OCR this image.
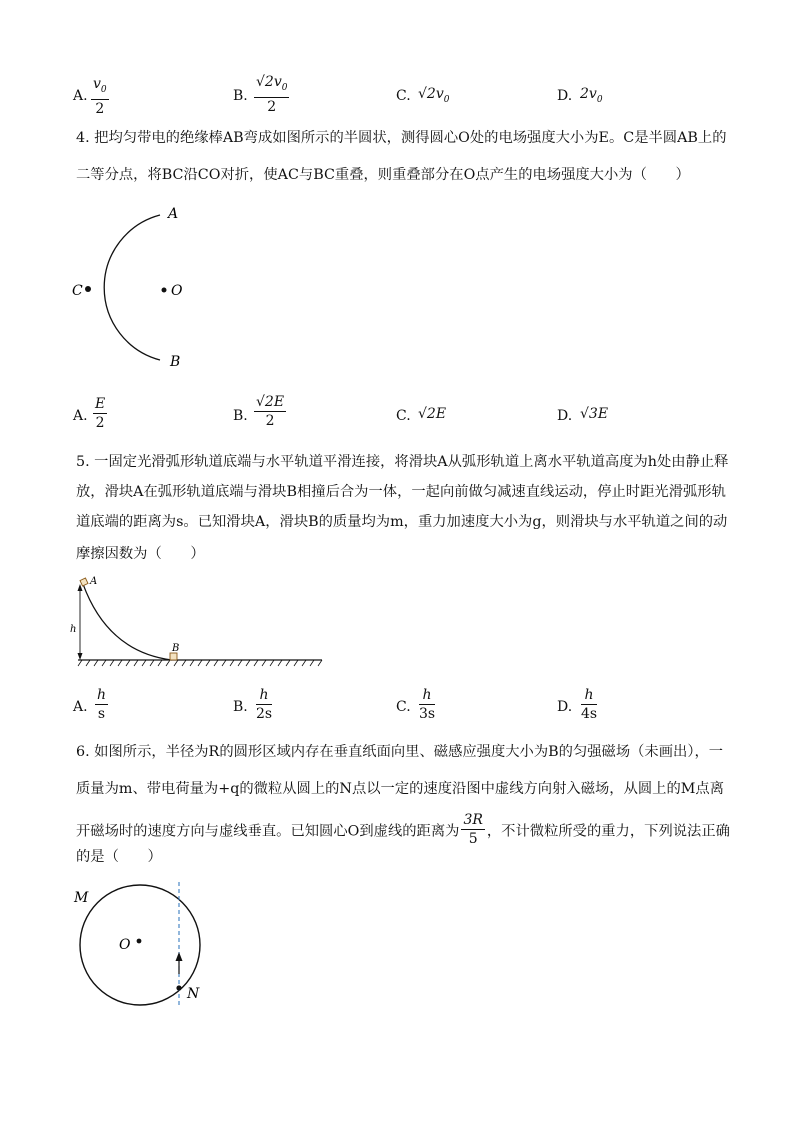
A.
$v_0$
2
B.
$√2v_0$
2
C. $√2v_0$	D. $2v_0$
4. 把均匀带电的绝缘棒AB弯成如图所示的半圆状，测得圆心O处的电场强度大小为E。C是半圆AB上的
二等分点，将BC沿CO对折，使AC与BC重叠，则重叠部分在O点产生的电场强度大小为（　　）
A
C	O
B
A.
E
2	B.
√2E
2	C. √2E	D. √3E
5. 一固定光滑弧形轨道底端与水平轨道平滑连接，将滑块A从弧形轨道上离水平轨道高度为h处由静止释
放，滑块A在弧形轨道底端与滑块B相撞后合为一体，一起向前做匀减速直线运动，停止时距光滑弧形轨
道底端的距离为s。已知滑块A，滑块B的质量均为m，重力加速度大小为g，则滑块与水平轨道之间的动
摩擦因数为（　　）
h
A
B
A.
h
s	B.
h
2s	C.
h
3s	D.
h
4s
6. 如图所示，半径为R的圆形区域内存在垂直纸面向里、磁感应强度大小为B的匀强磁场（未画出），一
质量为m、带电荷量为+q的微粒从圆上的N点以一定的速度沿图中虚线方向射入磁场，从圆上的M点离
开磁场时的速度方向与虚线垂直。已知圆心O到虚线的距离为 $\frac{3R}{5}$ ，不计微粒所受的重力，下列说法正确
的是（　　）
M
O
N
